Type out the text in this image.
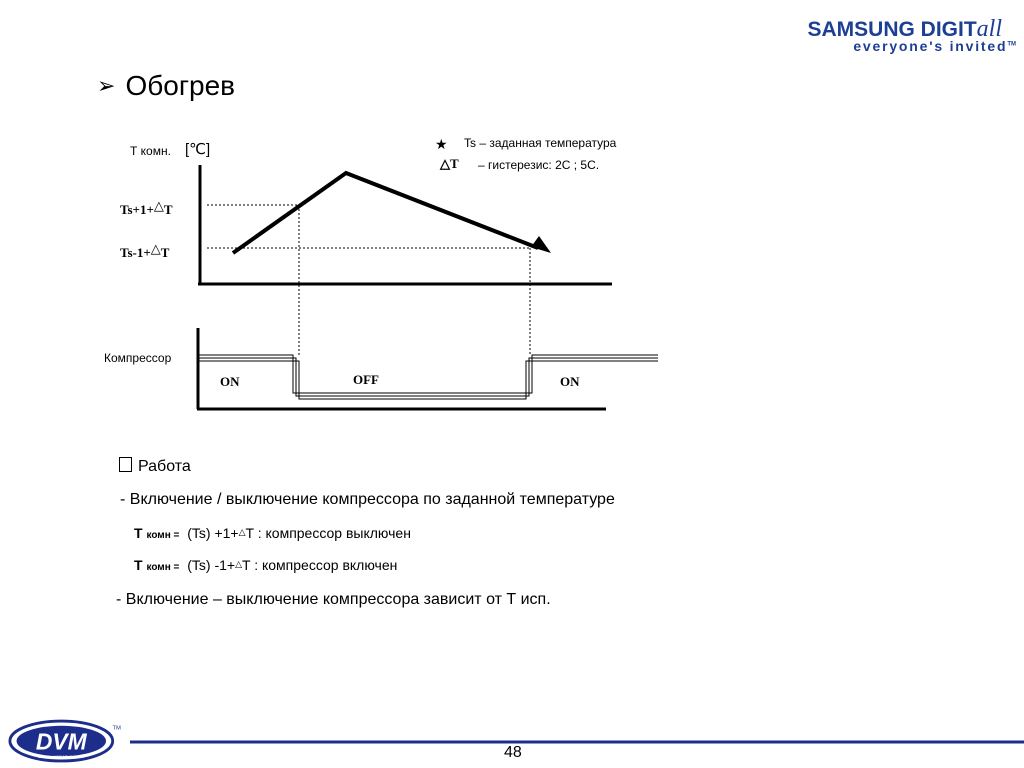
SAMSUNG DIGITall
everyone's invited™
➢ Обогрев
Т комн. [℃]
Ts+1+△T
Ts-1+△T
Компрессор
ON	OFF	ON
★ Ts – заданная температура
△T – гистерезис: 2С ; 5С.
Работа
- Включение / выключение компрессора по заданной температуре
Т комн = (Ts) +1+△T : компрессор выключен
Т комн = (Ts) -1+△T : компрессор включен
- Включение – выключение компрессора зависит от Т исп.
DVM
DIGITAL VARIABLE MULTI
TM
48
